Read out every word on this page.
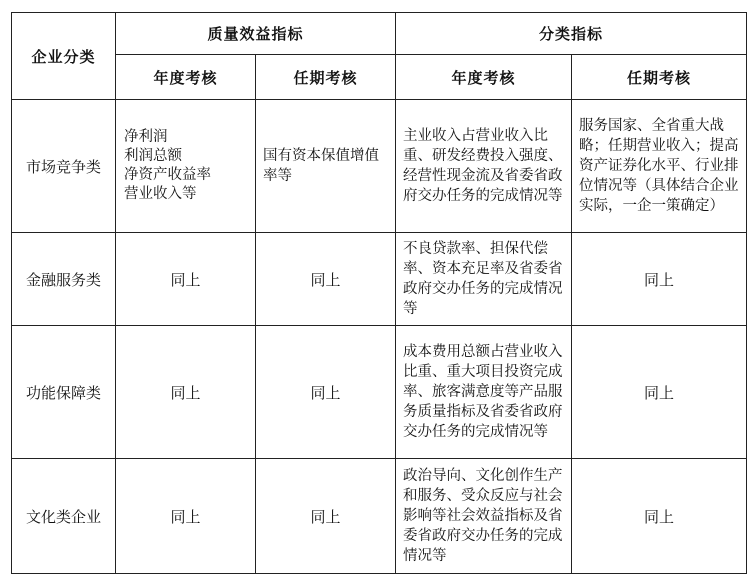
企业分类	质量效益指标		分类指标	
	年度考核	任期考核	年度考核	任期考核
市场竞争类	净利润
利润总额
净资产收益率
营业收入等	国有资本保值增值率等	主业收入占营业收入比重、研发经费投入强度、经营性现金流及省委省政府交办任务的完成情况等	服务国家、全省重大战略；任期营业收入；提高资产证券化水平、行业排位情况等（具体结合企业实际，一企一策确定）
金融服务类	同上	同上	不良贷款率、担保代偿率、资本充足率及省委省政府交办任务的完成情况等	同上
功能保障类	同上	同上	成本费用总额占营业收入比重、重大项目投资完成率、旅客满意度等产品服务质量指标及省委省政府交办任务的完成情况等	同上
文化类企业	同上	同上	政治导向、文化创作生产和服务、受众反应与社会影响等社会效益指标及省委省政府交办任务的完成情况等	同上
